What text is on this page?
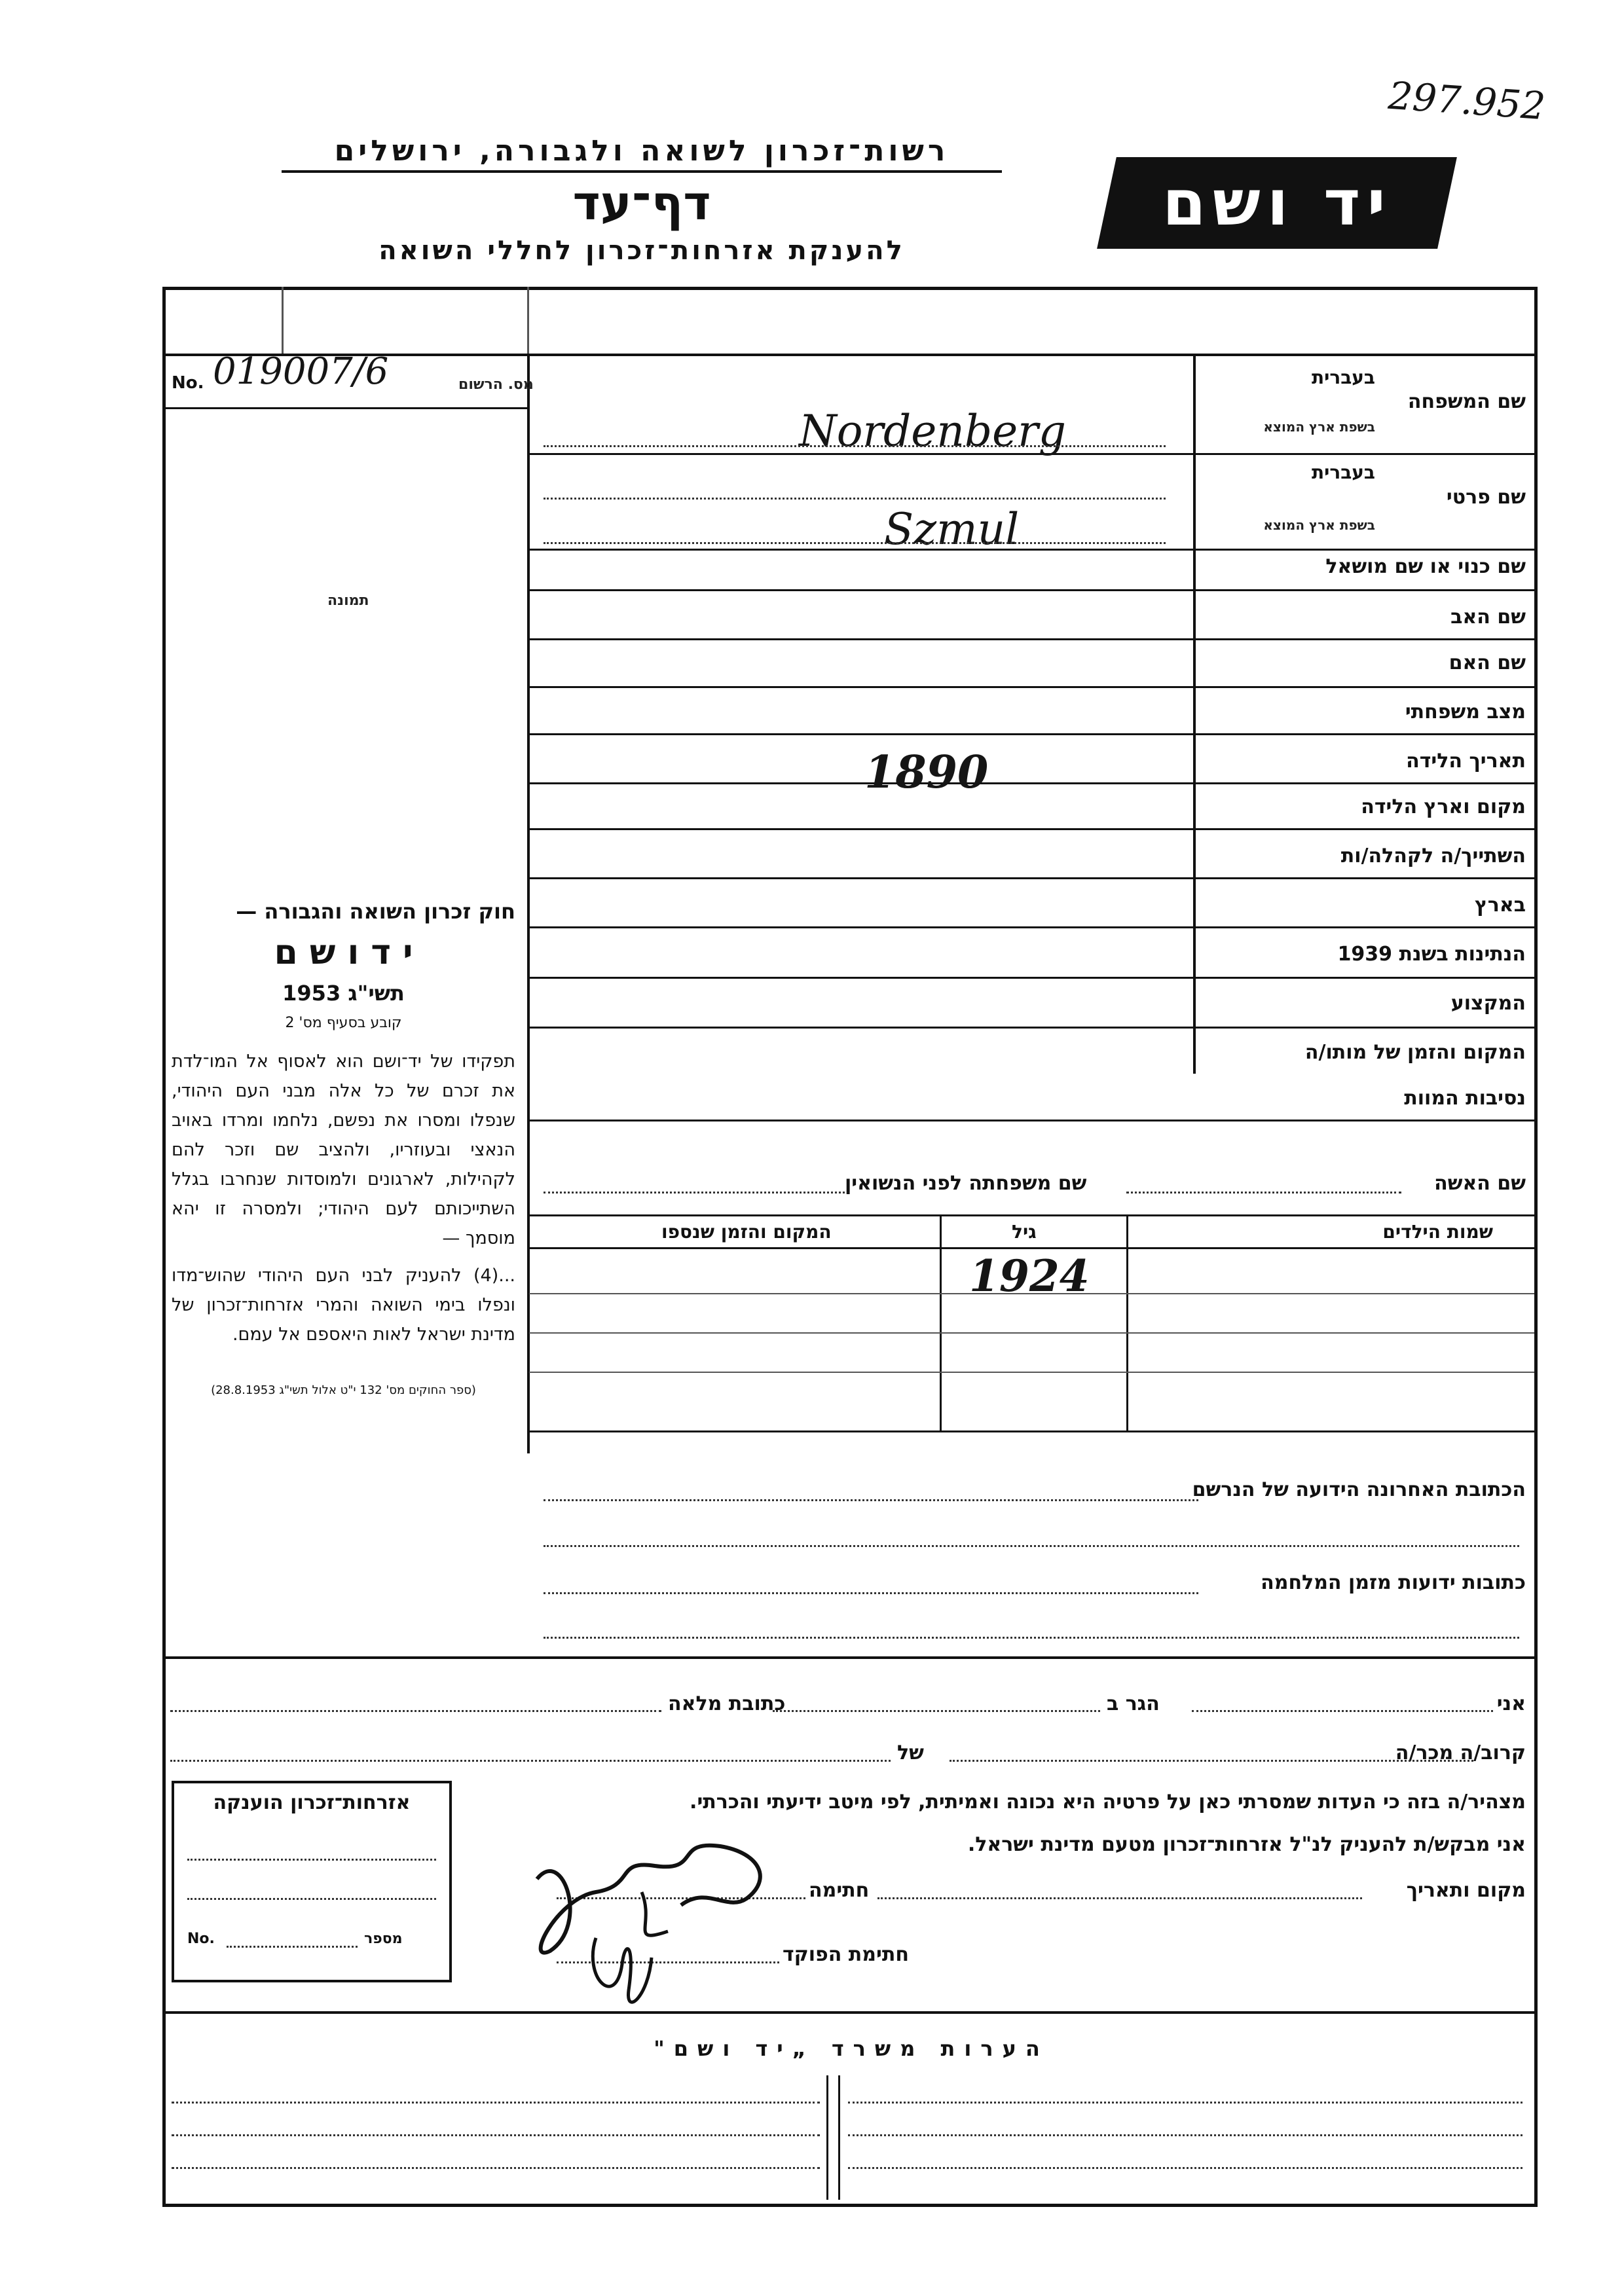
297.952
רשות־זכרון לשואה ולגבורה, ירושלים
דף־עד
להענקת אזרחות־זכרון לחללי השואה
יד ושם
No. 019007/6	מס. הרשום
תמונה
חוק זכרון השואה והגבורה —
י ד ו ש ם
תשי"ג 1953
קובע בסעיף מס' 2
תפקידו של יד־ושם הוא לאסוף אל המו־לדת את זכרם של כל אלה מבני העם היהודי, שנפלו ומסרו את נפשם, נלחמו ומרדו באויב הנאצי ובעוזריו, ולהציב שם וזכר להם לקהילות, לארגונים ולמוסדות שנחרבו בגלל השתייכותם לעם היהודי; ולמסרה זו יהא מוסמך —
...(4) להעניק לבני העם היהודי שהוש־מדו ונפלו בימי השואה והמרי אזרחות־זכרון של מדינת ישראל לאות היאספם אל עמם.
(ספר החוקים מס' 132 י"ט אלול תשי"ג 28.8.1953)
שם המשפחה
בעברית
בשפת ארץ המוצא
שם פרטי
בעברית
בשפת ארץ המוצא
שם כנוי או שם מושאל
שם האב
שם האם
מצב משפחתי
תאריך הלידה
מקום וארץ הלידה
השתייך/ה לקהלה/ות
בארץ
הנתינות בשנת 1939
המקצוע
המקום והזמן של מותו/ה
נסיבות המוות
Nordenberg
Szmul
1890
שם האשה
שם משפחתה לפני הנשואין
שמות הילדים
גיל
המקום והזמן שנספו
1924
הכתובת האחרונה הידועה של הנרשם
כתובות ידועות מזמן המלחמה
אני
הגר ב
כתובת מלאה
קרוב/ה מכר/ה
של
מצהיר/ה בזה כי העדות שמסרתי כאן על פרטיה היא נכונה ואמיתית, לפי מיטב ידיעתי והכרתי.
אני מבקש/ת להעניק לנ"ל אזרחות־זכרון מטעם מדינת ישראל.
מקום ותאריך
חתימה
חתימת הפוקד
אזרחות־זכרון הוענקה
No.	מספר
הערות משרד „יד ושם"
